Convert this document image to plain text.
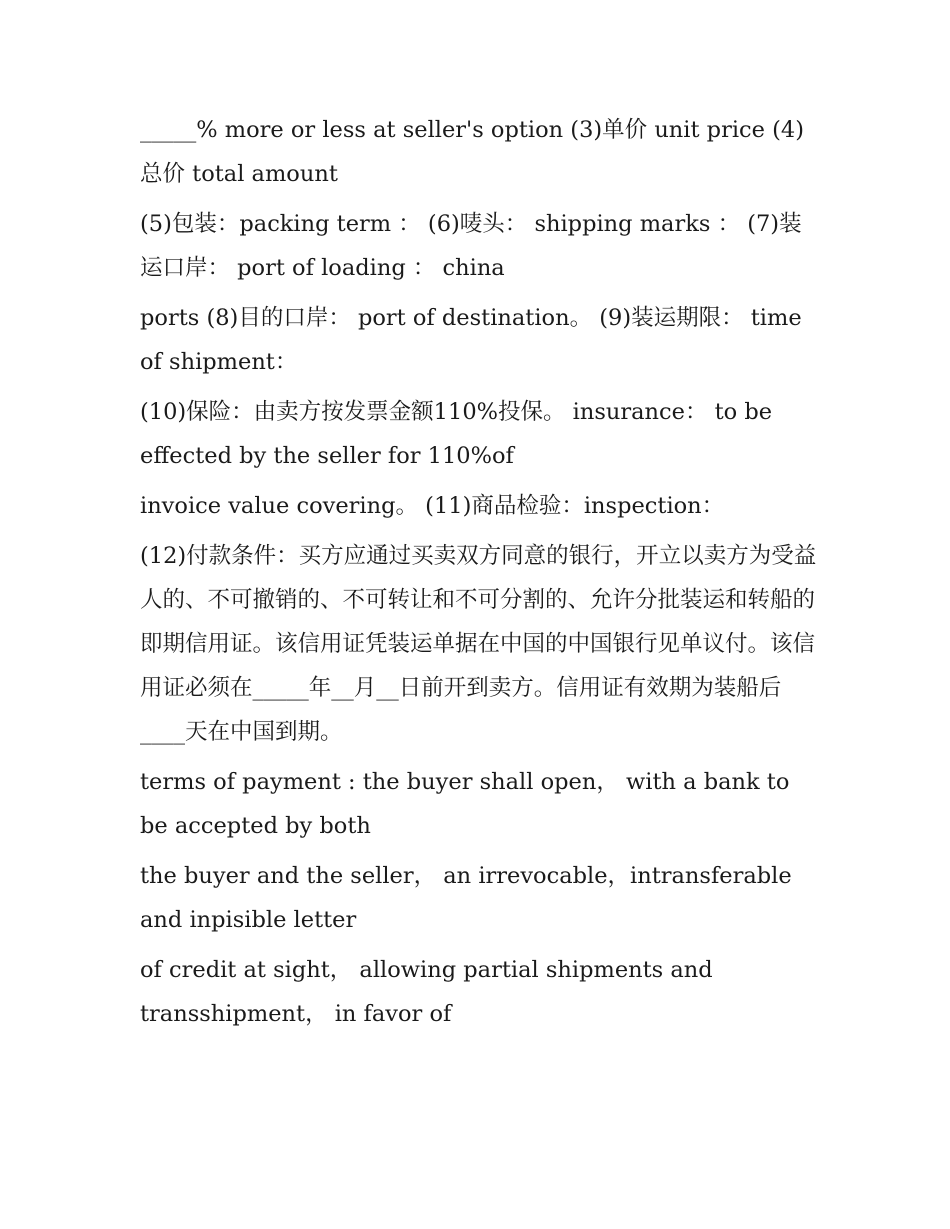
_____% more or less at seller's option (3)单价 unit price (4)总价 total amount

(5)包装：packing term ： (6)唛头： shipping marks ： (7)装运口岸： port of loading ： china

ports (8)目的口岸： port of destination。 (9)装运期限： time of shipment：

(10)保险：由卖方按发票金额110%投保。 insurance： to be effected by the seller for 110%of

invoice value covering。 (11)商品检验：inspection：

(12)付款条件：买方应通过买卖双方同意的银行，开立以卖方为受益人的、不可撤销的、不可转让和不可分割的、允许分批装运和转船的即期信用证。该信用证凭装运单据在中国的中国银行见单议付。该信用证必须在_____年__月__日前开到卖方。信用证有效期为装船后____天在中国到期。

terms of payment : the buyer shall open， with a bank to be accepted by both

the buyer and the seller， an irrevocable，intransferable and inpisible letter

of credit at sight， allowing partial shipments and transshipment， in favor of
